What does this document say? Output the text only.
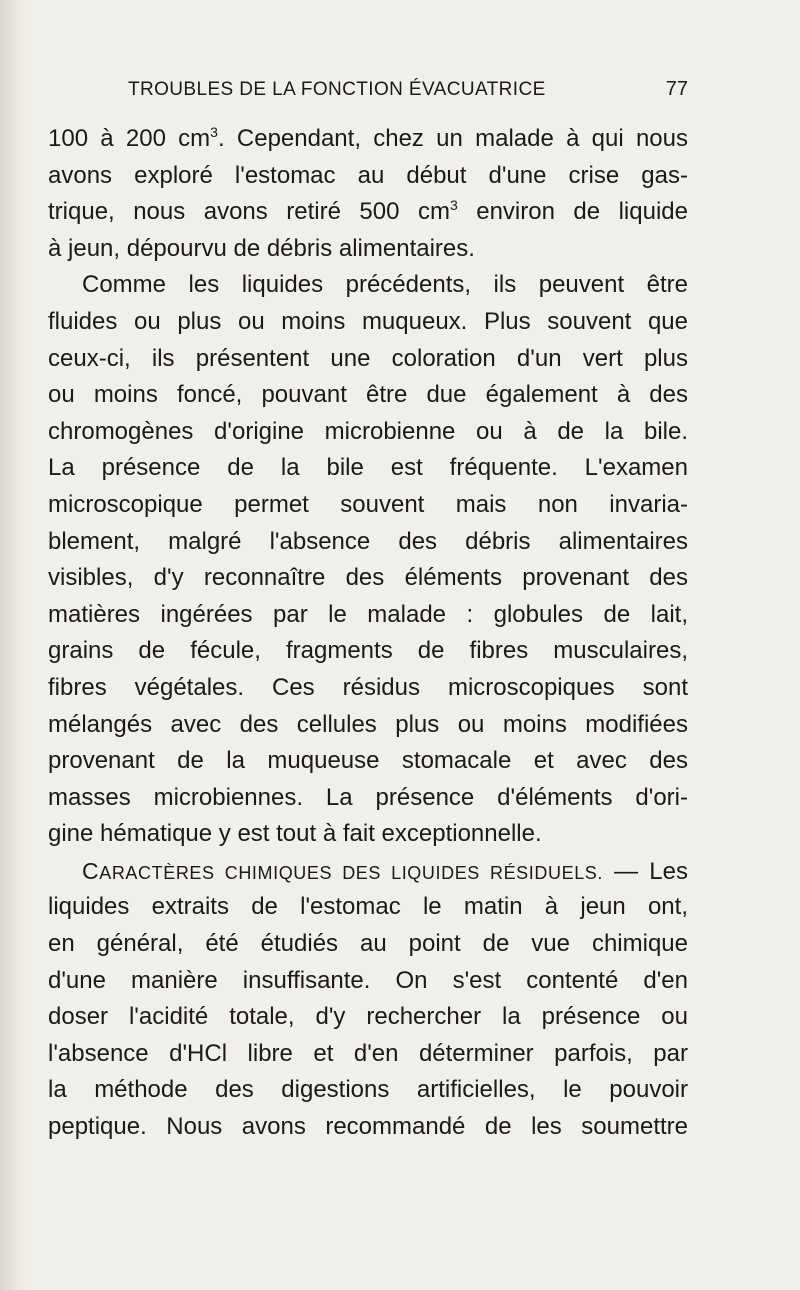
TROUBLES DE LA FONCTION ÉVACUATRICE	77
100 à 200 $cm^3$. Cependant, chez un malade à qui nous
avons exploré l'estomac au début d'une crise gas-
trique, nous avons retiré 500 $cm^3$ environ de liquide
à jeun, dépourvu de débris alimentaires.
Comme les liquides précédents, ils peuvent être
fluides ou plus ou moins muqueux. Plus souvent que
ceux-ci, ils présentent une coloration d'un vert plus
ou moins foncé, pouvant être due également à des
chromogènes d'origine microbienne ou à de la bile.
La présence de la bile est fréquente. L'examen
microscopique permet souvent mais non invaria-
blement, malgré l'absence des débris alimentaires
visibles, d'y reconnaître des éléments provenant des
matières ingérées par le malade : globules de lait,
grains de fécule, fragments de fibres musculaires,
fibres végétales. Ces résidus microscopiques sont
mélangés avec des cellules plus ou moins modifiées
provenant de la muqueuse stomacale et avec des
masses microbiennes. La présence d'éléments d'ori-
gine hématique y est tout à fait exceptionnelle.
CARACTÈRES CHIMIQUES DES LIQUIDES RÉSIDUELS. — Les
liquides extraits de l'estomac le matin à jeun ont,
en général, été étudiés au point de vue chimique
d'une manière insuffisante. On s'est contenté d'en
doser l'acidité totale, d'y rechercher la présence ou
l'absence d'HCl libre et d'en déterminer parfois, par
la méthode des digestions artificielles, le pouvoir
peptique. Nous avons recommandé de les soumettre
